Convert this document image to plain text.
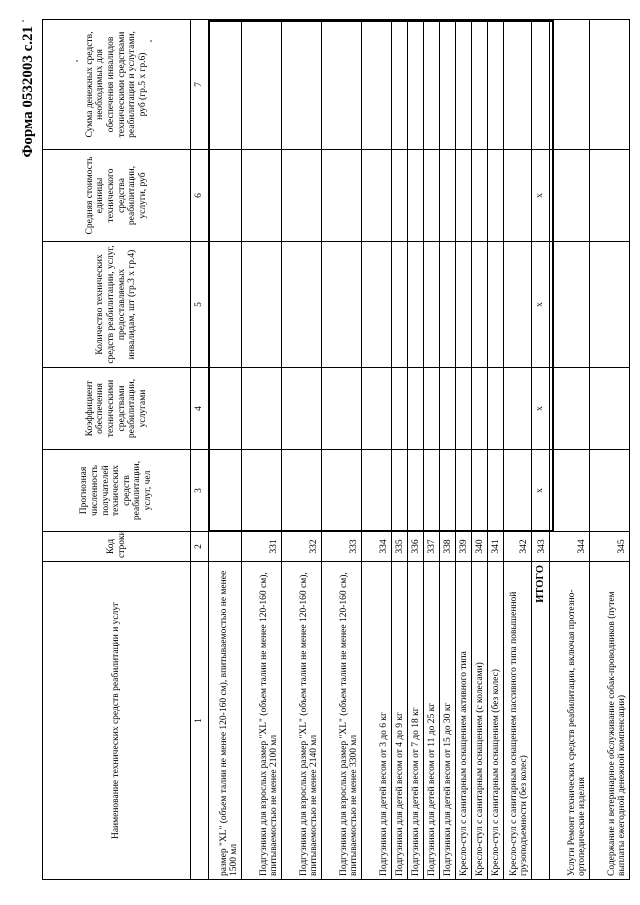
Форма 0532003 с.21
Наименование технических средств реабилитации и услуг	Код строки	Прогнозная численность получателей технических средств реабилитации, услуг, чел	Коэффициент обеспечения техническими средствами реабилитации, услугами	Количество технических средств реабилитации, услуг, предоставляемых инвалидам, шт (гр.3 х гр.4)	Средняя стоимость единицы технического средства реабилитации, услуги, руб	Сумма денежных средств, необходимых для обеспечения инвалидов техническими средствами реабилитации и услугами, руб (гр.5 х гр.6)
1	2	3	4	5	6	7
размер "XL" (объем талии не менее 120-160 см), впитываемостью не менее 1500 мл						
Подгузники для взрослых размер "XL" (объем талии не менее 120-160 см), впитываемостью не менее 2100 мл	331					
Подгузники для взрослых размер "XL" (объем талии не менее 120-160 см), впитываемостью не менее 2140 мл	332					
Подгузники для взрослых размер "XL" (объем талии не менее 120-160 см), впитываемостью не менее 3300 мл	333					
Подгузники для детей весом от 3 до 6 кг	334					
Подгузники для детей весом от 4 до 9 кг	335					
Подгузники для детей весом от 7 до 18 кг	336					
Подгузники для детей весом от 11 до 25 кг	337					
Подгузники для детей весом от 15 до 30 кг	338					
Кресло-стул с санитарным оснащением активного типа	339					
Кресло-стул с санитарным оснащением (с колесами)	340					
Кресло-стул с санитарным оснащением (без колес)	341					
Кресло-стул с санитарным оснащением пассивного типа повышенной грузоподъемности (без колес)	342					
ИТОГО	343	х	х	х	х	
Услуги Ремонт технических средств реабилитации, включая протезно-ортопедические изделия	344					
Содержание и ветеринарное обслуживание собак-проводников (путем выплаты ежегодной денежной компенсации)	345					
